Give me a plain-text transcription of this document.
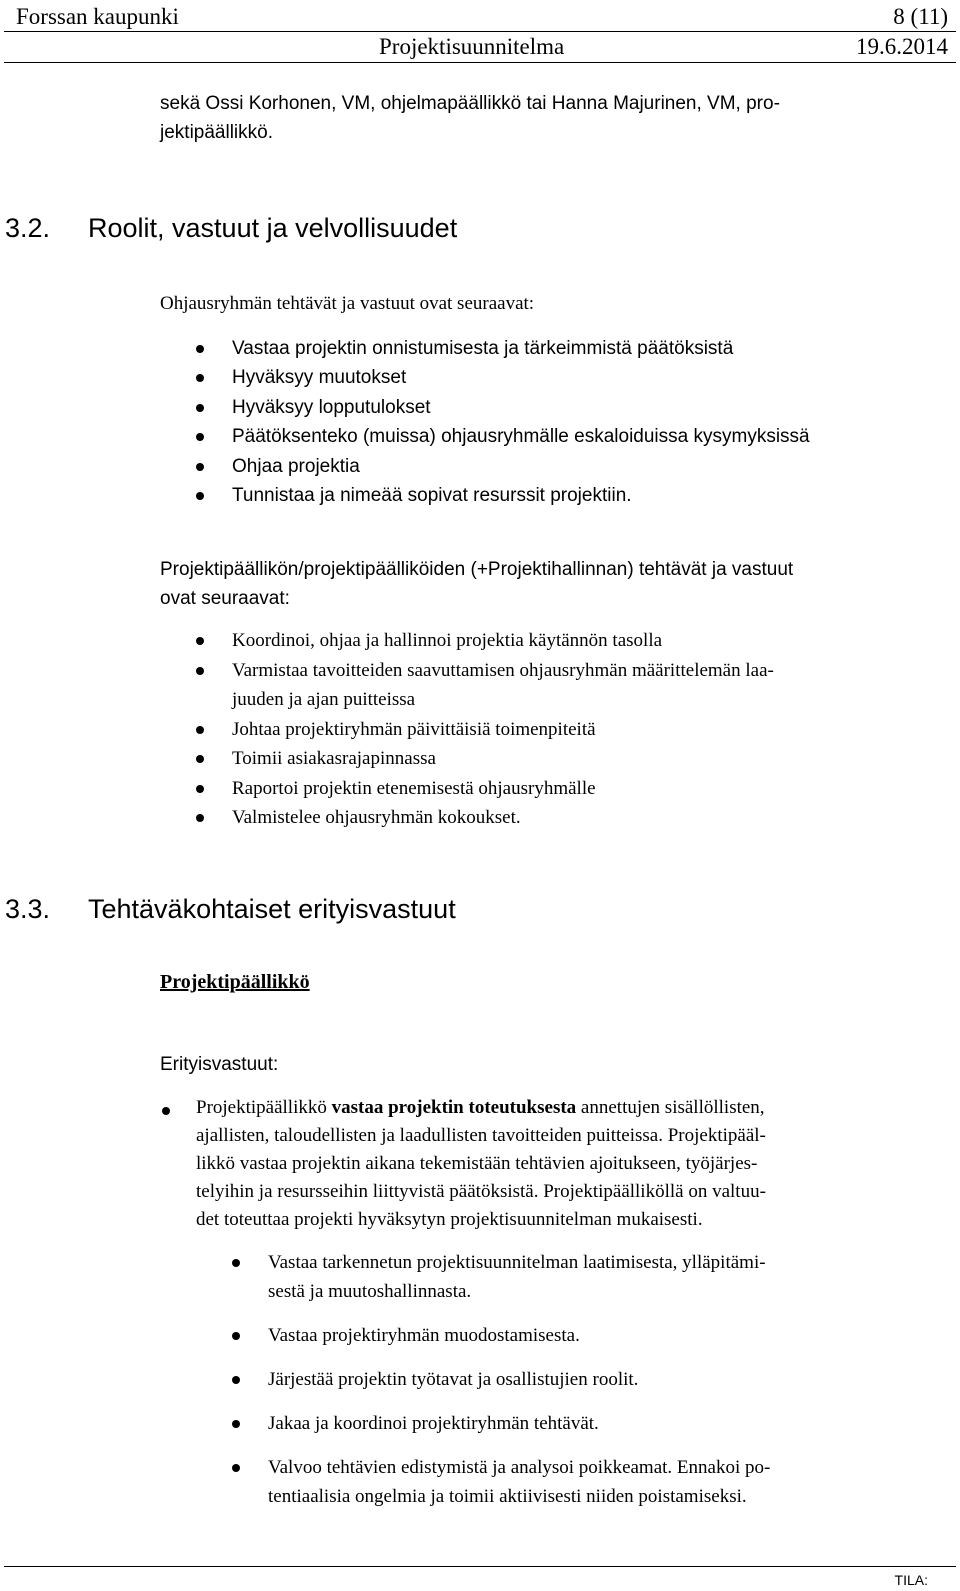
Forssan kaupunki	8 (11)
Projektisuunnitelma	19.6.2014
sekä Ossi Korhonen, VM, ohjelmapäällikkö tai Hanna Majurinen, VM, pro-
jektipäällikkö.
3.2. Roolit, vastuut ja velvollisuudet
Ohjausryhmän tehtävät ja vastuut ovat seuraavat:
Vastaa projektin onnistumisesta ja tärkeimmistä päätöksistä
Hyväksyy muutokset
Hyväksyy lopputulokset
Päätöksenteko (muissa) ohjausryhmälle eskaloiduissa kysymyksissä
Ohjaa projektia
Tunnistaa ja nimeää sopivat resurssit projektiin.
Projektipäällikön/projektipäälliköiden (+Projektihallinnan) tehtävät ja vastuut
ovat seuraavat:
Koordinoi, ohjaa ja hallinnoi projektia käytännön tasolla
Varmistaa tavoitteiden saavuttamisen ohjausryhmän määrittelemän laa-
juuden ja ajan puitteissa
Johtaa projektiryhmän päivittäisiä toimenpiteitä
Toimii asiakasrajapinnassa
Raportoi projektin etenemisestä ohjausryhmälle
Valmistelee ohjausryhmän kokoukset.
3.3. Tehtäväkohtaiset erityisvastuut
Projektipäällikkö
Erityisvastuut:
Projektipäällikkö vastaa projektin toteutuksesta annettujen sisällöllisten,
ajallisten, taloudellisten ja laadullisten tavoitteiden puitteissa. Projektipääl-
likkö vastaa projektin aikana tekemistään tehtävien ajoitukseen, työjärjes-
telyihin ja resursseihin liittyvistä päätöksistä. Projektipäälliköllä on valtuu-
det toteuttaa projekti hyväksytyn projektisuunnitelman mukaisesti.
Vastaa tarkennetun projektisuunnitelman laatimisesta, ylläpitämi-
sestä ja muutoshallinnasta.
Vastaa projektiryhmän muodostamisesta.
Järjestää projektin työtavat ja osallistujien roolit.
Jakaa ja koordinoi projektiryhmän tehtävät.
Valvoo tehtävien edistymistä ja analysoi poikkeamat. Ennakoi po-
tentiaalisia ongelmia ja toimii aktiivisesti niiden poistamiseksi.
TILA:
